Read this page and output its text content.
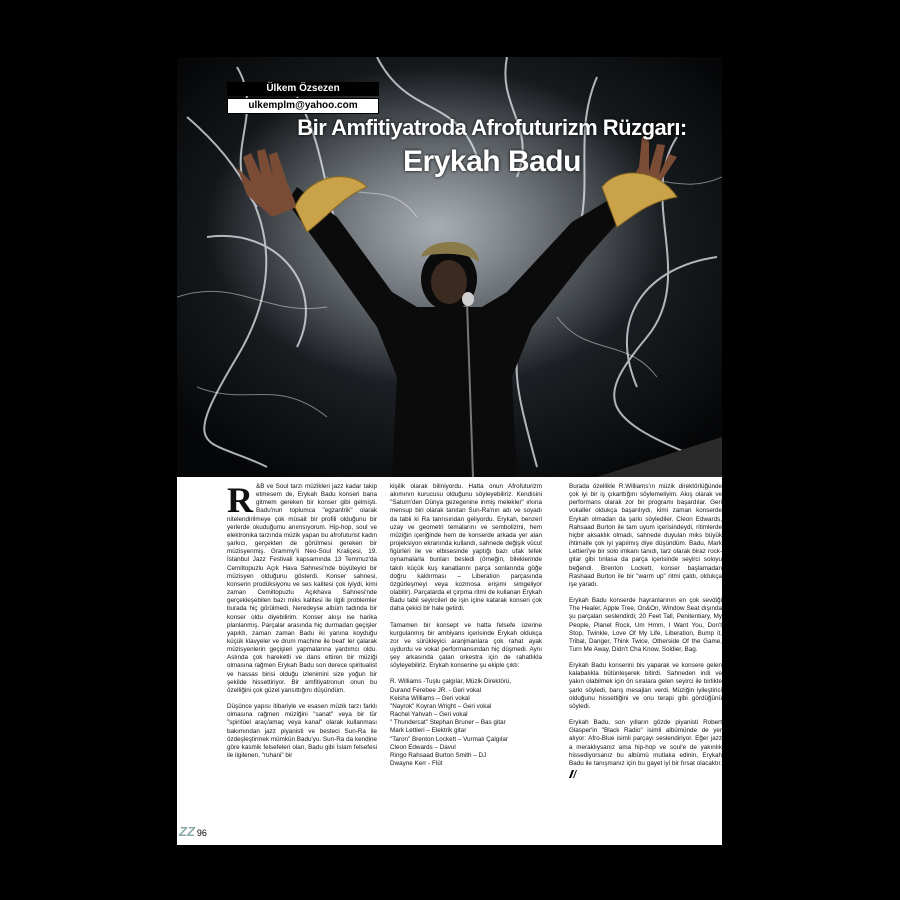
Ülkem Özsezen
ulkemplm@yahoo.com
Bir Amfitiyatroda Afrofuturizm Rüzgarı:
Erykah Badu

R &B ve Soul tarzı müzikleri jazz kadar takip etmesem de, Erykah Badu konseri bana gitmem gereken bir konser gibi gelmişti. Badu'nun toplumca "egzantrik" olarak nitelendirilmeye çok müsait bir profili olduğunu bir yerlerde okuduğumu anımsıyorum. Hip-hop, soul ve elektronika tarzında müzik yapan bu afrofuturist kadın şarkıcı, gerçekten de görülmesi gereken bir müzisyenmiş. Grammy'li Neo-Soul Kraliçesi, 19. İstanbul Jazz Festivali kapsamında 13 Temmuz'da Cemiltopuzlu Açık Hava Sahnesi'nde büyüleyici bir müzisyen olduğunu gösterdi. Konser sahnesi, konserin prodüksiyonu ve ses kalitesi çok iyiydi, kimi zaman Cemiltopuzlu Açıkhava Sahnesi'nde gerçekleşebilen bazı miks kalitesi ile ilgili problemler burada hiç görülmedi. Neredeyse albüm tadında bir konser oldu diyebilirim. Konser akışı ise harika planlanmış. Parçalar arasında hiç durmadan geçişler yapıldı, zaman zaman Badu iki yanına koyduğu küçük klavyeler ve drum machine ile beat' ler çalarak müzisyenlerin geçişleri yapmalarına yardımcı oldu. Aslında çok hareketli ve dans ettiren bir müziği olmasına rağmen Erykah Badu son derece spiritualist ve hassas birisi olduğu izlenimini size yoğun bir şekilde hissettiriyor. Bir amfitiyatronun onun bu özelliğini çok güzel yansıttığını düşündüm.

Düşünce yapısı itibariyle ve esasen müzik tarzı farklı olmasına rağmen müziğini "sanat" veya bir tür "spiritüel araç/amaç veya kanal" olarak kullanması bakımından jazz piyanisti ve besteci Sun-Ra ile özdeşleştirmek mümkün Badu'yu. Sun-Ra da kendine göre kasmik felsefeleri olan, Badu gibi İslam felsefesi ile ilgilenen, "ruhani" bir

kişilik olarak biliniyordu. Hatta onun Afrofuturizm akımının kurucusu olduğunu söyleyebiliriz. Kendisini "Saturn'den Dünya gezegenine inmiş melekler" ırkına mensup biri olarak tanıtan Sun-Ra'nın adı ve soyadı da tabii ki Ra tanrısından geliyordu. Erykah, benzeri uzay ve geometri temalarını ve sembolizmi, hem müziğin içeriğinde hem de konserde arkada yer alan projeksiyon ekranında kullandı, sahnede değişik vücut figürleri ile ve elbisesinde yaptığı bazı ufak tefek oynamalarla bunları besledi (örneğin, bileklerinde takılı küçük kuş kanatlarını parça sonlarında göğe doğru kaldırması – Liberation parçasında özgürleşmeyi veya kozmosa erişimi simgeliyor olabilir). Parçalarda el çırpma ritmi de kullanan Erykah Badu tabii seyircileri de işin içine katarak konseri çok daha çekici bir hale getirdi.

Tamamen bir konsept ve hatta felsefe üzerine kurgulanmış bir ambiyans içerisinde Erykah oldukça zor ve sürükleyici aranjmanlara çok rahat ayak uydurdu ve vokal performansından hiç düşmedi. Aynı şey arkasında çalan orkestra için de rahatlıkla söyleyebiliriz. Erykah konserine şu ekiple çıktı:

R. Williams -Tuşlu çalgılar, Müzik Direktörü,
Durand Ferebee JR. - Geri vokal
Keisha Williams – Geri vokal
"Nayrok" Koyran Wright – Geri vokal
Rachel Yahvah – Geri vokal
" Thundercat" Stephan Bruner – Bas gitar
Mark Lettieri – Elektrik gitar
"Taron" Brenton Lockett – Vurmalı Çalgılar
Cleon Edwards – Davul
Ringo Rahsaad Burton Smith – DJ
Dwayne Kerr - Flüt

Burada özellikle R.Williams'ın müzik direktörlüğünde çok iyi bir iş çıkarttığını söylemeliyim. Akış olarak ve performans olarak zor bir programı başardılar. Geri vokaller oldukça başarılıydı, kimi zaman konserde Erykah olmadan da şarkı söylediler. Cleon Edwards, Rahsaad Burton ile tam uyum içerisindeydi, ritimlerde hiçbir aksaklık olmadı, sahnede duyulan miks büyük ihtimalle çok iyi yapılmış diye düşündüm. Badu, Mark Lettieri'ye bir solo imkanı tanıdı, tarz olarak biraz rock-gitar gibi tınlasa da parça içerisinde seyirci soloyu beğendi. Brenton Lockett, konser başlamadan Rashaad Burton ile bir "warm up" ritmi çaldı, oldukça işe yaradı.

Erykah Badu konserde hayranlarının en çok sevdiği The Healer, Apple Tree, On&On, Window Seat dışında şu parçaları seslendirdi; 20 Feet Tall, Penitentiary, My People, Planet Rock, Um Hmm, I Want You, Don't Stop, Twinkle, Love Of My Life, Liberation, Bump it, Tribal, Danger, Think Twice, Otherside Of the Game, Turn Me Away, Didn't Cha Know, Soldier, Bag.

Erykah Badu konserini bis yaparak ve konsere gelen kalabalıkla bütünleşerek bitirdi. Sahneden indi ve yakın olabilmek için ön sıralara gelen seyirci ile birlikte şarkı söyledi, barış mesajları verdi. Müziğin iyileştirici olduğunu hissettiğini ve onu terapi gibi gördüğünü söyledi.

Erykah Badu, son yılların gözde piyanisti Robert Glasper'in "Black Radio" isimli albümünde de yer alıyor: Afro-Blue isimli parçayı seslendiriyor. Eğer jazz a meraklıysanız ama hip-hop ve soul'e de yakınlık hissediyorsanız bu albümü mutlaka edinin, Erykah Badu ile tanışmanız için bu gayet iyi bir fırsat olacaktır.

ZZ 96
